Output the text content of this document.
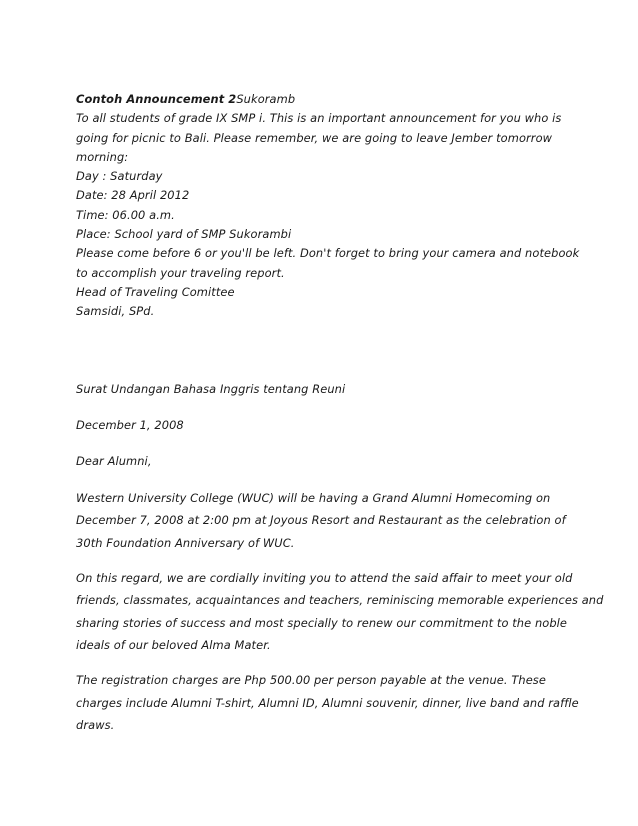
Contoh Announcement 2Sukoramb
To all students of grade IX SMP i. This is an important announcement for you who is
going for picnic to Bali. Please remember, we are going to leave Jember tomorrow
morning:
Day : Saturday
Date: 28 April 2012
Time: 06.00 a.m.
Place: School yard of SMP Sukorambi
Please come before 6 or you'll be left. Don't forget to bring your camera and notebook
to accomplish your traveling report.
Head of Traveling Comittee
Samsidi, SPd.
Surat Undangan Bahasa Inggris tentang Reuni
December 1, 2008
Dear Alumni,
Western University College (WUC) will be having a Grand Alumni Homecoming on
December 7, 2008 at 2:00 pm at Joyous Resort and Restaurant as the celebration of
30th Foundation Anniversary of WUC.
On this regard, we are cordially inviting you to attend the said affair to meet your old
friends, classmates, acquaintances and teachers, reminiscing memorable experiences and
sharing stories of success and most specially to renew our commitment to the noble
ideals of our beloved Alma Mater.
The registration charges are Php 500.00 per person payable at the venue. These
charges include Alumni T-shirt, Alumni ID, Alumni souvenir, dinner, live band and raffle
draws.
